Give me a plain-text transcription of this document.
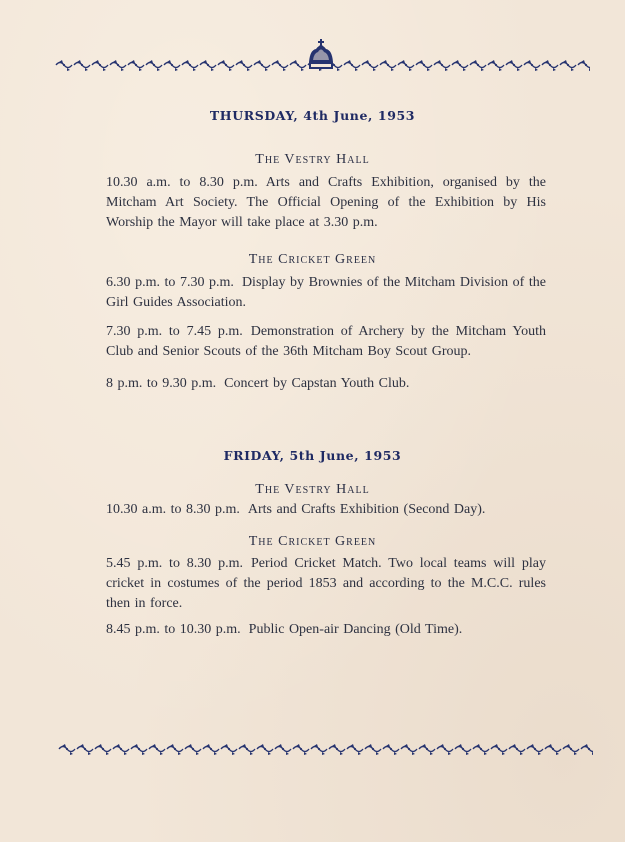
THURSDAY, 4th June, 1953
The Vestry Hall
10.30 a.m. to 8.30 p.m. Arts and Crafts Exhibition, organised by the Mitcham Art Society. The Official Opening of the Exhibition by His Worship the Mayor will take place at 3.30 p.m.
The Cricket Green
6.30 p.m. to 7.30 p.m. Display by Brownies of the Mitcham Division of the Girl Guides Association.
7.30 p.m. to 7.45 p.m. Demonstration of Archery by the Mitcham Youth Club and Senior Scouts of the 36th Mitcham Boy Scout Group.
8 p.m. to 9.30 p.m. Concert by Capstan Youth Club.
FRIDAY, 5th June, 1953
The Vestry Hall
10.30 a.m. to 8.30 p.m. Arts and Crafts Exhibition (Second Day).
The Cricket Green
5.45 p.m. to 8.30 p.m. Period Cricket Match. Two local teams will play cricket in costumes of the period 1853 and according to the M.C.C. rules then in force.
8.45 p.m. to 10.30 p.m. Public Open-air Dancing (Old Time).
